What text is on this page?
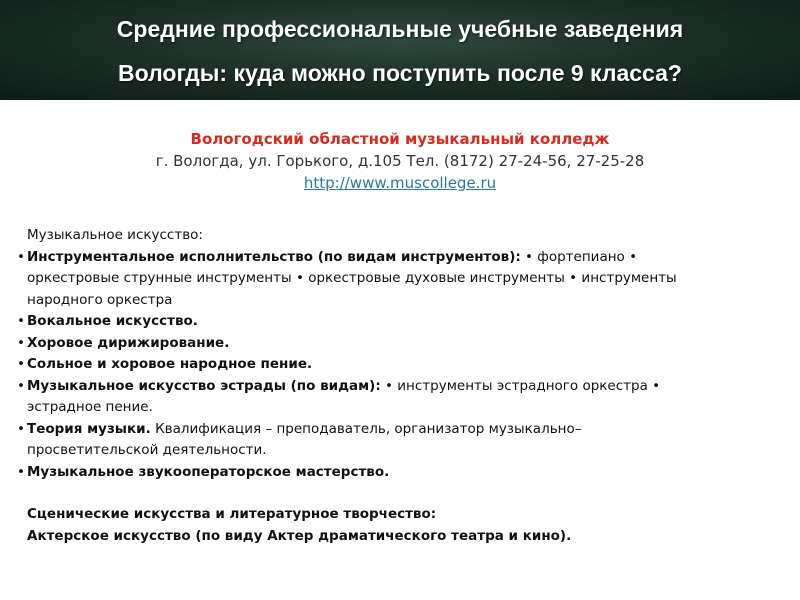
Средние профессиональные учебные заведения
Вологды: куда можно поступить после 9 класса?
Вологодский областной музыкальный колледж
г. Вологда, ул. Горького, д.105 Тел. (8172) 27-24-56, 27-25-28
http://www.muscollege.ru

Музыкальное искусство:

• Инструментальное исполнительство (по видам инструментов): • фортепиано •
оркестровые струнные инструменты • оркестровые духовые инструменты • инструменты
народного оркестра
• Вокальное искусство.
• Хоровое дирижирование.
• Сольное и хоровое народное пение.
• Музыкальное искусство эстрады (по видам): • инструменты эстрадного оркестра •
эстрадное пение.
• Теория музыки. Квалификация – преподаватель, организатор музыкально–
просветительской деятельности.
• Музыкальное звукооператорское мастерство.

Сценические искусства и литературное творчество:

Актерское искусство (по виду Актер драматического театра и кино).
